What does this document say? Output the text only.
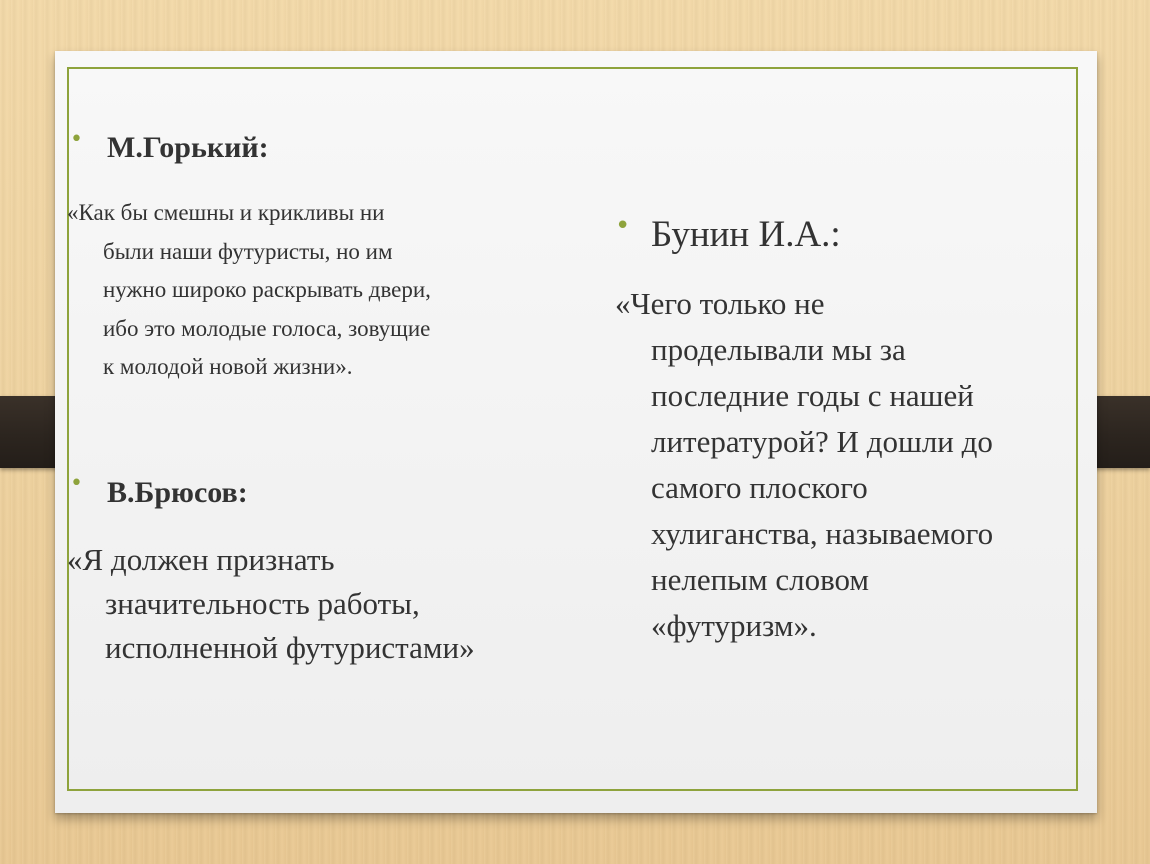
• М.Горький:

«Как бы смешны и крикливы ни
были наши футуристы, но им
нужно широко раскрывать двери,
ибо это молодые голоса, зовущие
к молодой новой жизни».

• В.Брюсов:

«Я должен признать
значительность работы,
исполненной футуристами»

• Бунин И.А.:

«Чего только не
проделывали мы за
последние годы с нашей
литературой? И дошли до
самого плоского
хулиганства, называемого
нелепым словом
«футуризм».
